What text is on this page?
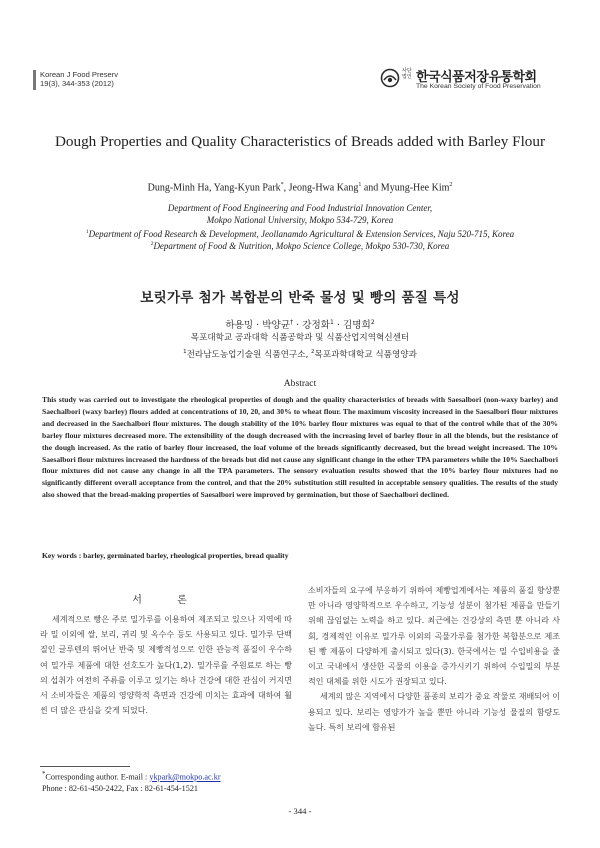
Korean J Food Preserv
19(3), 344-353 (2012)
사단법인 한국식품저장유통학회
The Korean Society of Food Preservation
Dough Properties and Quality Characteristics of Breads added with Barley Flour
Dung-Minh Ha, Yang-Kyun Park*, Jeong-Hwa Kang$^1$ and Myung-Hee Kim$^2$
Department of Food Engineering and Food Industrial Innovation Center,
Mokpo National University, Mokpo 534-729, Korea
$^1$Department of Food Research & Development, Jeollanamdo Agricultural & Extension Services, Naju 520-715, Korea
$^2$Department of Food & Nutrition, Mokpo Science College, Mokpo 530-730, Korea
보릿가루 첨가 복합분의 반죽 물성 및 빵의 품질 특성
하용밍 · 박양균† · 강정화$^1$ · 김명희$^2$
목포대학교 공과대학 식품공학과 및 식품산업지역혁신센터
$^1$전라남도농업기술원 식품연구소, $^2$목포과학대학교 식품영양과
Abstract
This study was carried out to investigate the rheological properties of dough and the quality characteristics of breads with Saesalbori (non-waxy barley) and Saechalbori (waxy barley) flours added at concentrations of 10, 20, and 30% to wheat flour. The maximum viscosity increased in the Saesalbori flour mixtures and decreased in the Saechalbori flour mixtures. The dough stability of the 10% barley flour mixtures was equal to that of the control while that of the 30% barley flour mixtures decreased more. The extensibility of the dough decreased with the increasing level of barley flour in all the blends, but the resistance of the dough increased. As the ratio of barley flour increased, the loaf volume of the breads significantly decreased, but the bread weight increased. The 10% Saesalbori flour mixtures increased the hardness of the breads but did not cause any significant change in the other TPA parameters while the 10% Saechalbori flour mixtures did not cause any change in all the TPA parameters. The sensory evaluation results showed that the 10% barley flour mixtures had no significantly different overall acceptance from the control, and that the 20% substitution still resulted in acceptable sensory qualities. The results of the study also showed that the bread-making properties of Saesalbori were improved by germination, but those of Saechalbori declined.
Key words : barley, germinated barley, rheological properties, bread quality
서 론

세계적으로 빵은 주로 밀가루를 이용하여 제조되고 있으나 지역에 따라 밀 이외에 쌀, 보리, 귀리 및 옥수수 등도 사용되고 있다. 밀가루 단백질인 글루텐의 뛰어난 반죽 및 제빵적성으로 인한 관능적 품질이 우수하여 밀가루 제품에 대한 선호도가 높다(1,2). 밀가루를 주원료로 하는 빵의 섭취가 여전히 주류를 이루고 있기는 하나 건강에 대한 관심이 커지면서 소비자들은 제품의 영양학적 측면과 건강에 미치는 효과에 대하여 훨씬 더 많은 관심을 갖게 되었다.

소비자들의 요구에 부응하기 위하여 제빵업계에서는 제품의 품질 향상뿐만 아니라 영양학적으로 우수하고, 기능성 성분이 첨가된 제품을 만들기 위해 끊임없는 노력을 하고 있다. 최근에는 건강상의 측면 뿐 아니라 사회, 경제적인 이유로 밀가루 이외의 곡물가루를 첨가한 복합분으로 제조된 빵 제품이 다양하게 출시되고 있다(3). 한국에서는 밀 수입비용을 줄이고 국내에서 생산한 곡물의 이용을 증가시키기 위하여 수입밀의 부분적인 대체를 위한 시도가 권장되고 있다.

세계의 많은 지역에서 다양한 품종의 보리가 중요 작물로 재배되어 이용되고 있다. 보리는 영양가가 높을 뿐만 아니라 기능성 물질의 함량도 높다. 특히 보리에 함유된

*Corresponding author. E-mail : ykpark@mokpo.ac.kr
Phone : 82-61-450-2422, Fax : 82-61-454-1521
- 344 -
